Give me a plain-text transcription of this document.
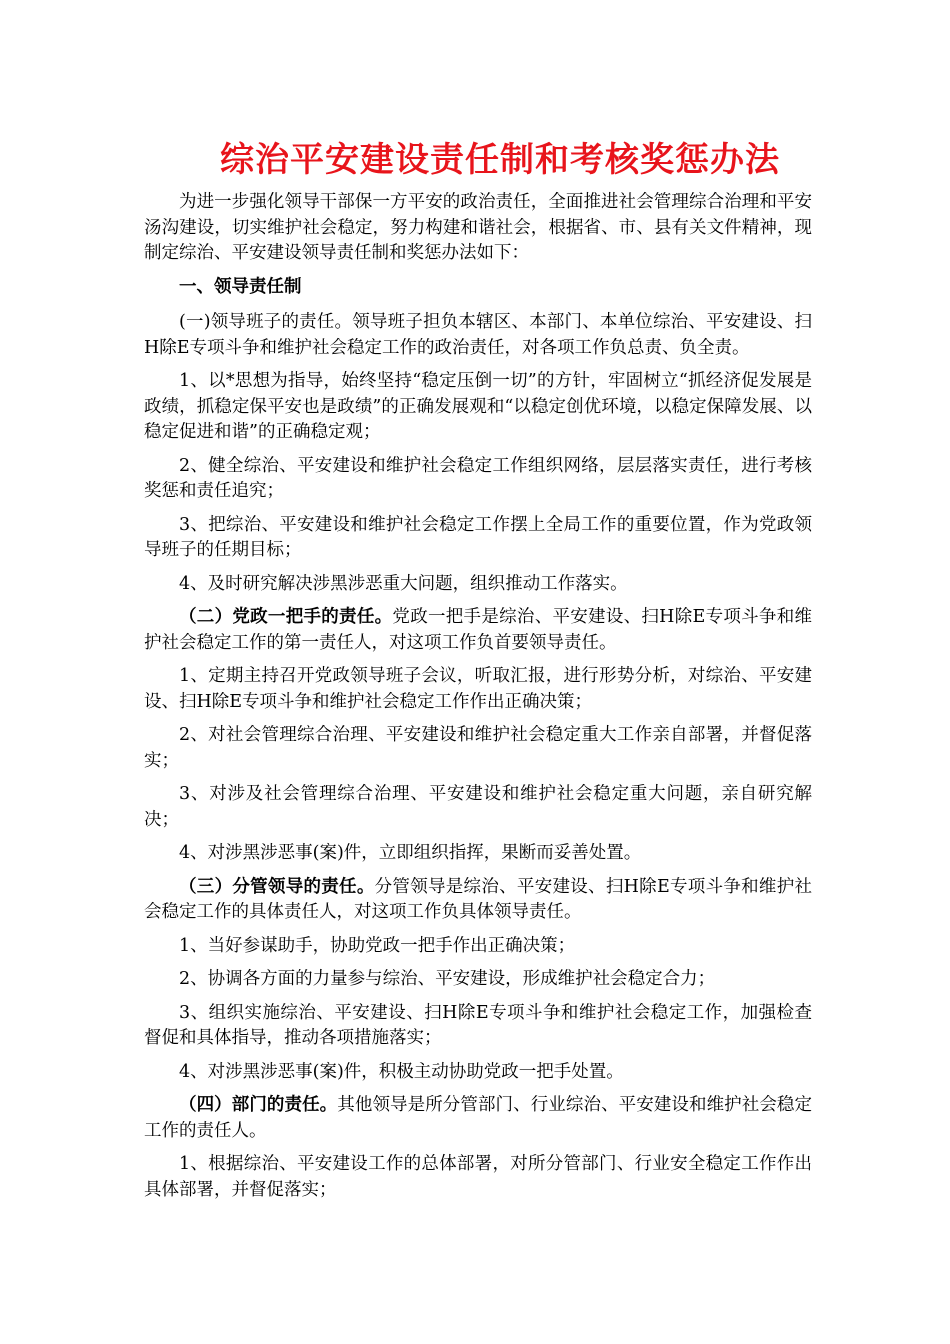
综治平安建设责任制和考核奖惩办法

为进一步强化领导干部保一方平安的政治责任，全面推进社会管理综合治理和平安汤沟建设，切实维护社会稳定，努力构建和谐社会，根据省、市、县有关文件精神，现制定综治、平安建设领导责任制和奖惩办法如下：

一、领导责任制

(一)领导班子的责任。领导班子担负本辖区、本部门、本单位综治、平安建设、扫H除E专项斗争和维护社会稳定工作的政治责任，对各项工作负总责、负全责。

1、以*思想为指导，始终坚持“稳定压倒一切”的方针，牢固树立“抓经济促发展是政绩，抓稳定保平安也是政绩”的正确发展观和“以稳定创优环境，以稳定保障发展、以稳定促进和谐”的正确稳定观；

2、健全综治、平安建设和维护社会稳定工作组织网络，层层落实责任，进行考核奖惩和责任追究；

3、把综治、平安建设和维护社会稳定工作摆上全局工作的重要位置，作为党政领导班子的任期目标；

4、及时研究解决涉黑涉恶重大问题，组织推动工作落实。

（二）党政一把手的责任。党政一把手是综治、平安建设、扫H除E专项斗争和维护社会稳定工作的第一责任人，对这项工作负首要领导责任。

1、定期主持召开党政领导班子会议，听取汇报，进行形势分析，对综治、平安建设、扫H除E专项斗争和维护社会稳定工作作出正确决策；

2、对社会管理综合治理、平安建设和维护社会稳定重大工作亲自部署，并督促落实；

3、对涉及社会管理综合治理、平安建设和维护社会稳定重大问题，亲自研究解决；

4、对涉黑涉恶事(案)件，立即组织指挥，果断而妥善处置。

（三）分管领导的责任。分管领导是综治、平安建设、扫H除E专项斗争和维护社会稳定工作的具体责任人，对这项工作负具体领导责任。

1、当好参谋助手，协助党政一把手作出正确决策；

2、协调各方面的力量参与综治、平安建设，形成维护社会稳定合力；

3、组织实施综治、平安建设、扫H除E专项斗争和维护社会稳定工作，加强检查督促和具体指导，推动各项措施落实；

4、对涉黑涉恶事(案)件，积极主动协助党政一把手处置。

（四）部门的责任。其他领导是所分管部门、行业综治、平安建设和维护社会稳定工作的责任人。

1、根据综治、平安建设工作的总体部署，对所分管部门、行业安全稳定工作作出具体部署，并督促落实；
